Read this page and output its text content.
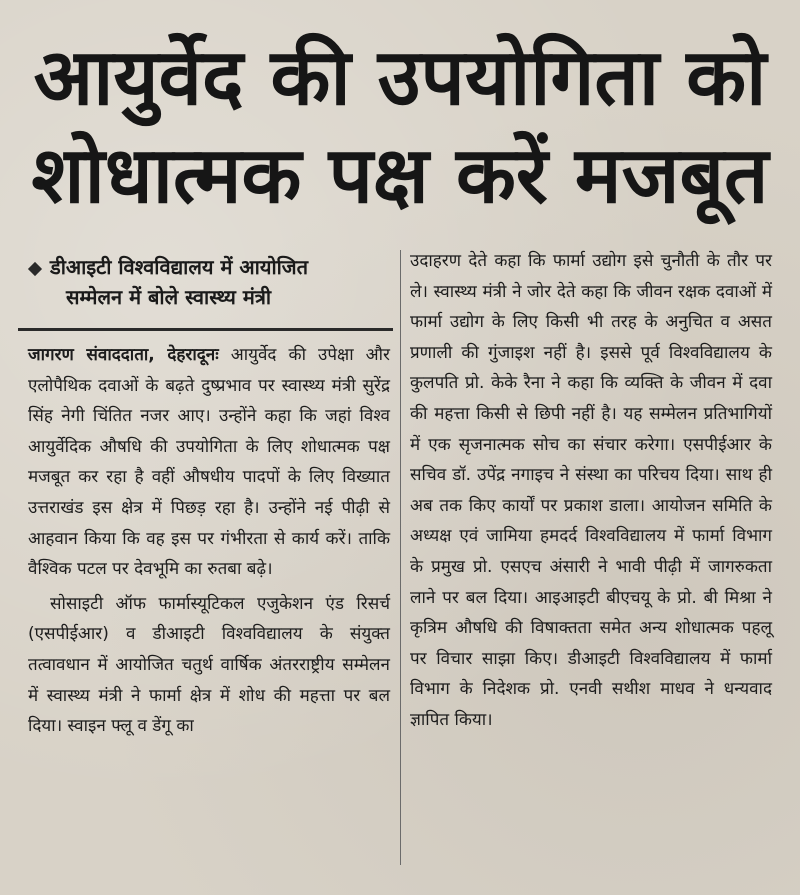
आयुर्वेद की उपयोगिता को
शोधात्मक पक्ष करें मजबूत
डीआइटी विश्वविद्यालय में आयोजित
सम्मेलन में बोले स्वास्थ्य मंत्री

जागरण संवाददाता, देहरादूनः आयुर्वेद की उपेक्षा और एलोपैथिक दवाओं के बढ़ते दुष्प्रभाव पर स्वास्थ्य मंत्री सुरेंद्र सिंह नेगी चिंतित नजर आए। उन्होंने कहा कि जहां विश्व आयुर्वेदिक औषधि की उपयोगिता के लिए शोधात्मक पक्ष मजबूत कर रहा है वहीं औषधीय पादपों के लिए विख्यात उत्तराखंड इस क्षेत्र में पिछड़ रहा है। उन्होंने नई पीढ़ी से आहवान किया कि वह इस पर गंभीरता से कार्य करें। ताकि वैश्विक पटल पर देवभूमि का रुतबा बढ़े।

सोसाइटी ऑफ फार्मास्यूटिकल एजुकेशन एंड रिसर्च (एसपीईआर) व डीआइटी विश्वविद्यालय के संयुक्त तत्वावधान में आयोजित चतुर्थ वार्षिक अंतरराष्ट्रीय सम्मेलन में स्वास्थ्य मंत्री ने फार्मा क्षेत्र में शोध की महत्ता पर बल दिया। स्वाइन फ्लू व डेंगू का

उदाहरण देते कहा कि फार्मा उद्योग इसे चुनौती के तौर पर ले। स्वास्थ्य मंत्री ने जोर देते कहा कि जीवन रक्षक दवाओं में फार्मा उद्योग के लिए किसी भी तरह के अनुचित व असत प्रणाली की गुंजाइश नहीं है। इससे पूर्व विश्वविद्यालय के कुलपति प्रो. केके रैना ने कहा कि व्यक्ति के जीवन में दवा की महत्ता किसी से छिपी नहीं है। यह सम्मेलन प्रतिभागियों में एक सृजनात्मक सोच का संचार करेगा। एसपीईआर के सचिव डॉ. उपेंद्र नगाइच ने संस्था का परिचय दिया। साथ ही अब तक किए कार्यों पर प्रकाश डाला। आयोजन समिति के अध्यक्ष एवं जामिया हमदर्द विश्वविद्यालय में फार्मा विभाग के प्रमुख प्रो. एसएच अंसारी ने भावी पीढ़ी में जागरुकता लाने पर बल दिया। आइआइटी बीएचयू के प्रो. बी मिश्रा ने कृत्रिम औषधि की विषाक्तता समेत अन्य शोधात्मक पहलू पर विचार साझा किए। डीआइटी विश्वविद्यालय में फार्मा विभाग के निदेशक प्रो. एनवी सथीश माधव ने धन्यवाद ज्ञापित किया।
